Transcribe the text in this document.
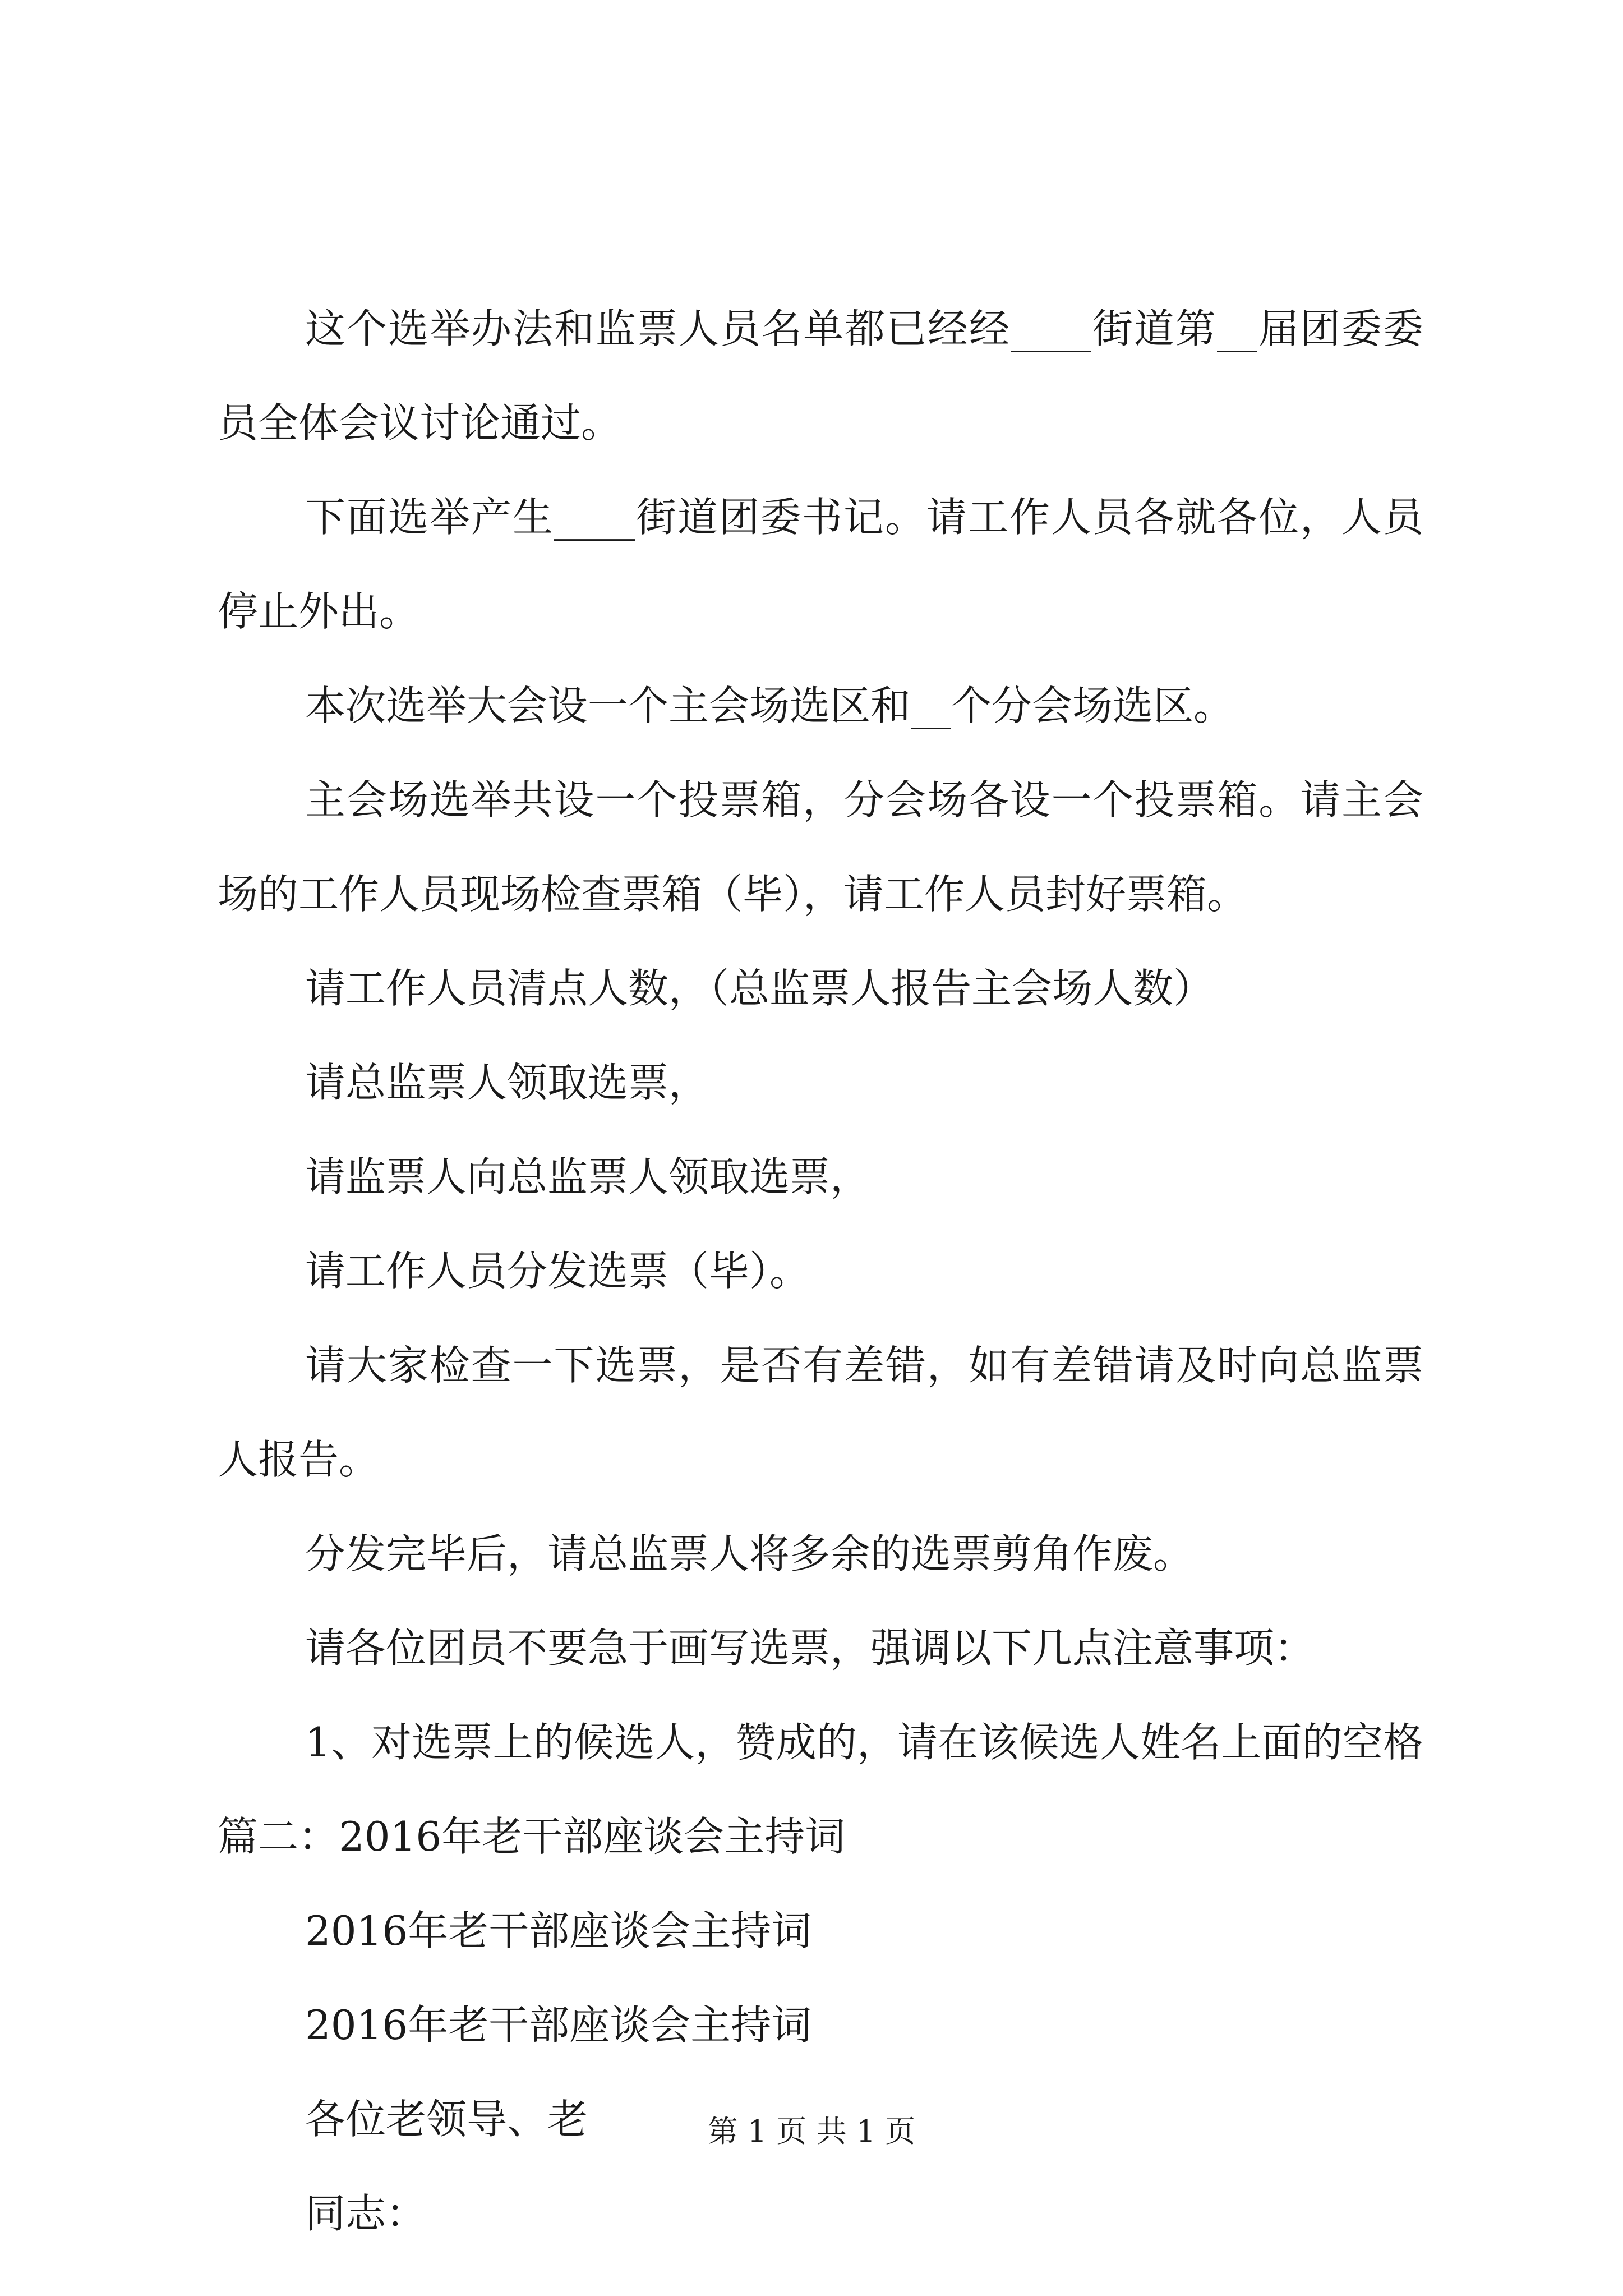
这个选举办法和监票人员名单都已经经____街道第__届团委委员全体会议讨论通过。

下面选举产生____街道团委书记。请工作人员各就各位，人员停止外出。

本次选举大会设一个主会场选区和__个分会场选区。

主会场选举共设一个投票箱，分会场各设一个投票箱。请主会场的工作人员现场检查票箱（毕），请工作人员封好票箱。

请工作人员清点人数，（总监票人报告主会场人数）

请总监票人领取选票，

请监票人向总监票人领取选票，

请工作人员分发选票（毕）。

请大家检查一下选票，是否有差错，如有差错请及时向总监票人报告。

分发完毕后，请总监票人将多余的选票剪角作废。

请各位团员不要急于画写选票，强调以下几点注意事项：

1、对选票上的候选人，赞成的，请在该候选人姓名上面的空格篇二：2016年老干部座谈会主持词

2016年老干部座谈会主持词

2016年老干部座谈会主持词

各位老领导、老

同志：

第 1 页 共 1 页
